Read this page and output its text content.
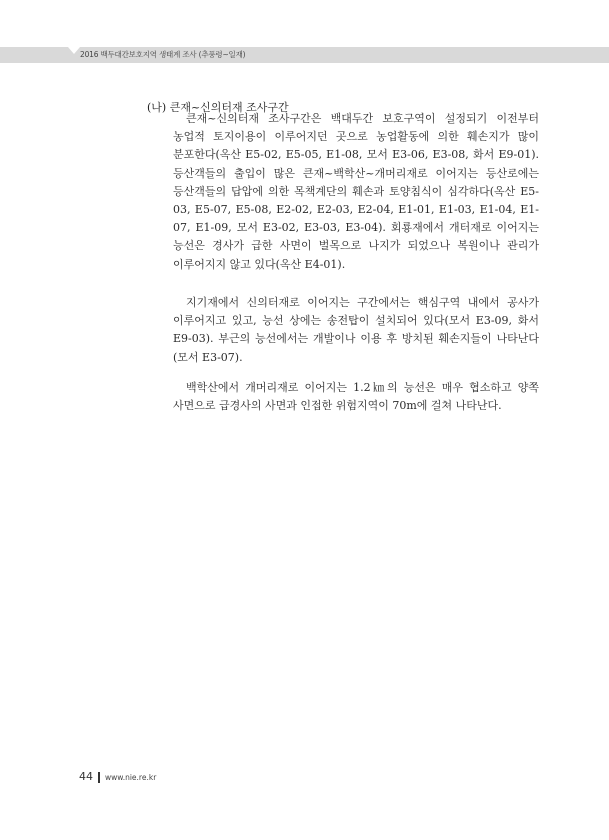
2016 백두대간보호지역 생태계 조사 (추풍령~일재)
(나) 큰재~신의터재 조사구간

큰재~신의터재 조사구간은 백대두간 보호구역이 설정되기 이전부터 농업적 토지이용이 이루어지던 곳으로 농업활동에 의한 훼손지가 많이 분포한다(옥산 E5-02, E5-05, E1-08, 모서 E3-06, E3-08, 화서 E9-01). 등산객들의 출입이 많은 큰재~백학산~개머리재로 이어지는 등산로에는 등산객들의 답압에 의한 목책계단의 훼손과 토양침식이 심각하다(옥산 E5-03, E5-07, E5-08, E2-02, E2-03, E2-04, E1-01, E1-03, E1-04, E1-07, E1-09, 모서 E3-02, E3-03, E3-04). 회룡재에서 개터재로 이어지는 능선은 경사가 급한 사면이 벌목으로 나지가 되었으나 복원이나 관리가 이루어지지 않고 있다(옥산 E4-01).

지기재에서 신의터재로 이어지는 구간에서는 핵심구역 내에서 공사가 이루어지고 있고, 능선 상에는 송전탑이 설치되어 있다(모서 E3-09, 화서 E9-03). 부근의 능선에서는 개발이나 이용 후 방치된 훼손지들이 나타난다(모서 E3-07).

백학산에서 개머리재로 이어지는 1.2㎞의 능선은 매우 협소하고 양쪽 사면으로 급경사의 사면과 인접한 위험지역이 70m에 걸쳐 나타난다.

44 www.nie.re.kr
